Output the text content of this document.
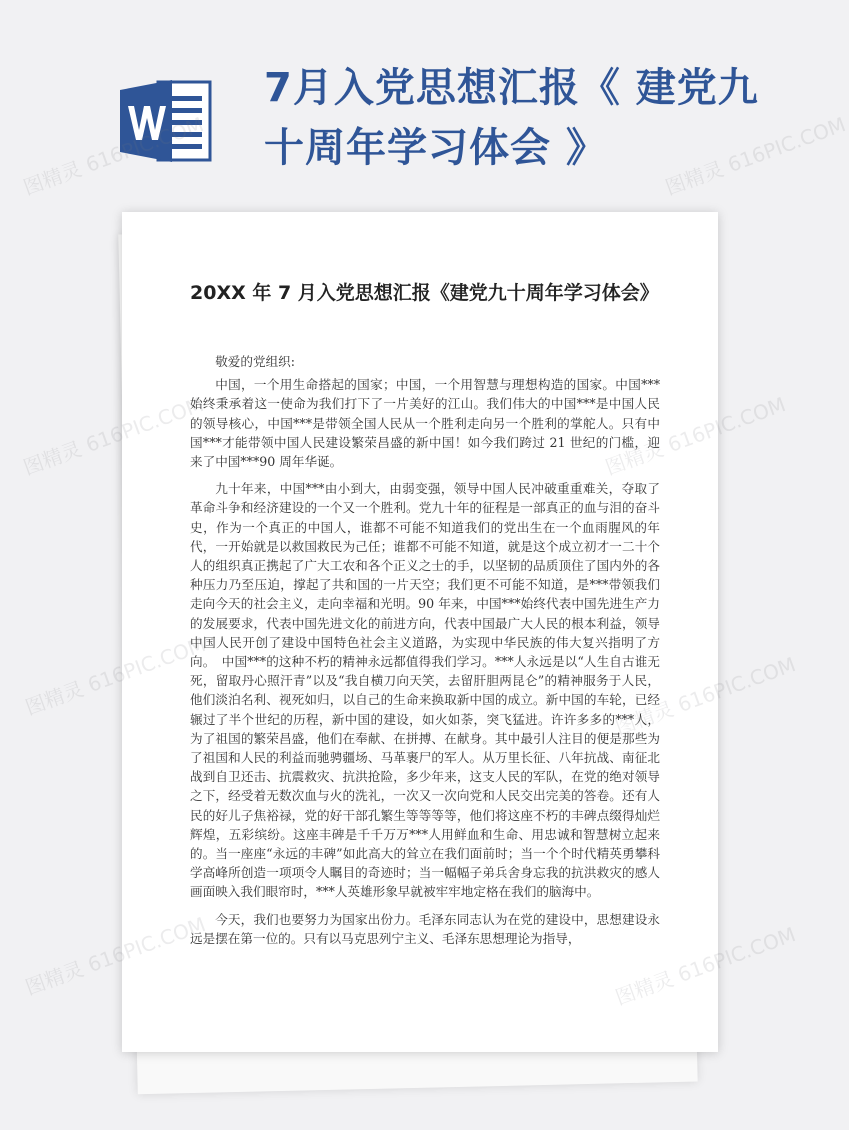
7月入党思想汇报《 建党九十周年学习体会 》
20XX 年 7 月入党思想汇报《建党九十周年学习体会》

敬爱的党组织:

中国，一个用生命搭起的国家；中国，一个用智慧与理想构造的国家。中国***始终秉承着这一使命为我们打下了一片美好的江山。我们伟大的中国***是中国人民的领导核心，中国***是带领全国人民从一个胜利走向另一个胜利的掌舵人。只有中国***才能带领中国人民建设繁荣昌盛的新中国！如今我们跨过 21 世纪的门槛，迎来了中国***90 周年华诞。

九十年来，中国***由小到大，由弱变强，领导中国人民冲破重重难关，夺取了革命斗争和经济建设的一个又一个胜利。党九十年的征程是一部真正的血与泪的奋斗史，作为一个真正的中国人，谁都不可能不知道我们的党出生在一个血雨腥风的年代，一开始就是以救国救民为己任；谁都不可能不知道，就是这个成立初才一二十个人的组织真正携起了广大工农和各个正义之士的手，以坚韧的品质顶住了国内外的各种压力乃至压迫，撑起了共和国的一片天空；我们更不可能不知道，是***带领我们走向今天的社会主义，走向幸福和光明。90 年来，中国***始终代表中国先进生产力的发展要求，代表中国先进文化的前进方向，代表中国最广大人民的根本利益，领导中国人民开创了建设中国特色社会主义道路，为实现中华民族的伟大复兴指明了方向。　中国***的这种不朽的精神永远都值得我们学习。***人永远是以“人生自古谁无死，留取丹心照汗青”以及“我自横刀向天笑，去留肝胆两昆仑”的精神服务于人民，他们淡泊名利、视死如归，以自己的生命来换取新中国的成立。新中国的车轮，已经辗过了半个世纪的历程，新中国的建设，如火如荼，突飞猛进。许许多多的***人，为了祖国的繁荣昌盛，他们在奉献、在拼搏、在献身。其中最引人注目的便是那些为了祖国和人民的利益而驰骋疆场、马革裹尸的军人。从万里长征、八年抗战、南征北战到自卫还击、抗震救灾、抗洪抢险，多少年来，这支人民的军队，在党的绝对领导之下，经受着无数次血与火的洗礼，一次又一次向党和人民交出完美的答卷。还有人民的好儿子焦裕禄，党的好干部孔繁生等等等等，他们将这座不朽的丰碑点缀得灿烂辉煌，五彩缤纷。这座丰碑是千千万万***人用鲜血和生命、用忠诚和智慧树立起来的。当一座座“永远的丰碑”如此高大的耸立在我们面前时；当一个个时代精英勇攀科学高峰所创造一项项令人瞩目的奇迹时；当一幅幅子弟兵舍身忘我的抗洪救灾的感人画面映入我们眼帘时，***人英雄形象早就被牢牢地定格在我们的脑海中。

今天，我们也要努力为国家出份力。毛泽东同志认为在党的建设中，思想建设永远是摆在第一位的。只有以马克思列宁主义、毛泽东思想理论为指导，

图精灵 616PIC.COM	图精灵 616PIC.COM
图精灵 616PIC.COM	616PIC.COM
图精灵 616PIC.COM	616PIC.COM
图精灵 616PIC.COM	616PIC.COM
